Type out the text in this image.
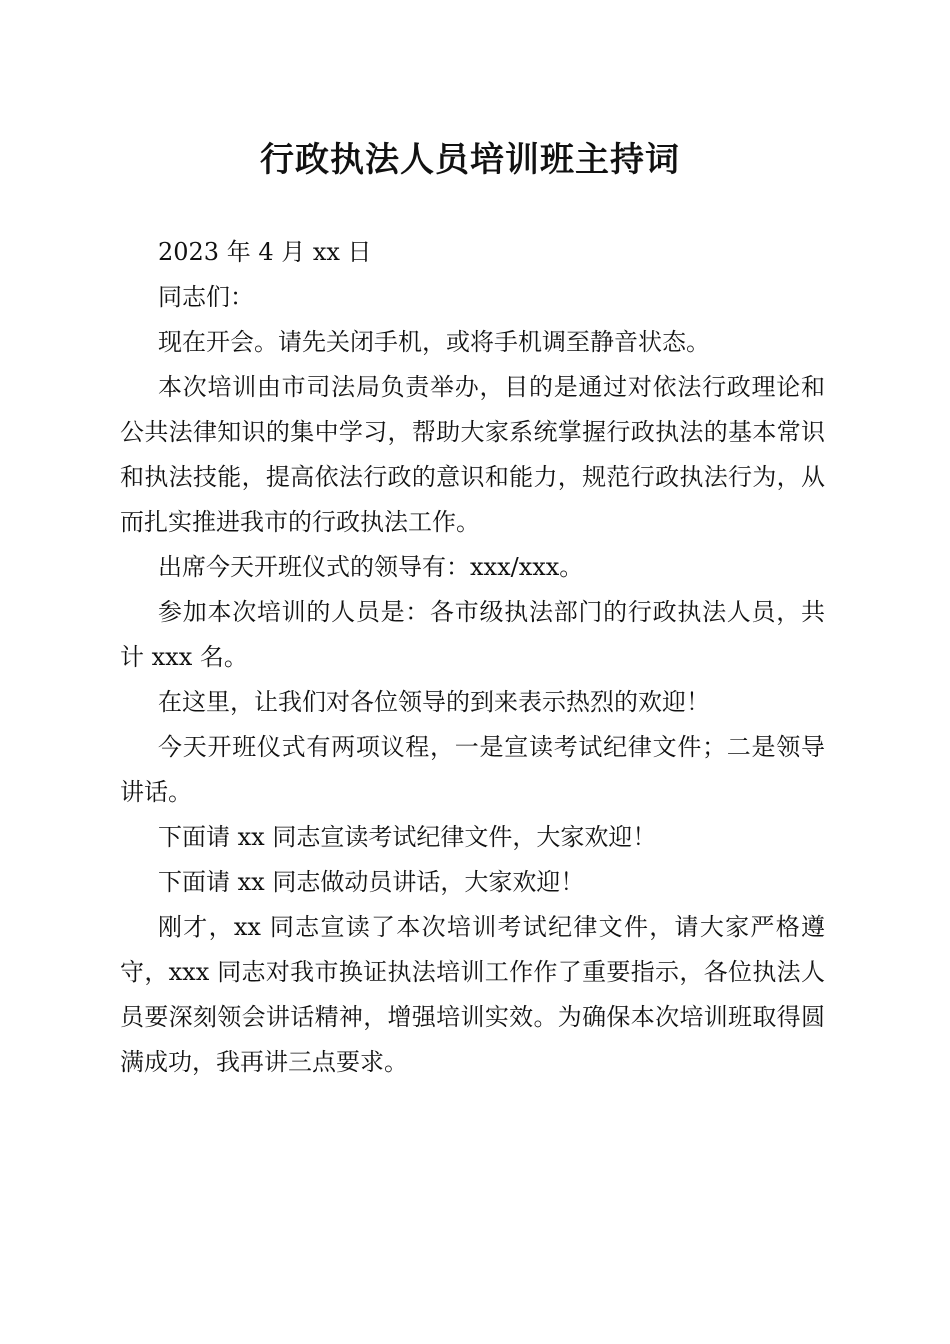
行政执法人员培训班主持词

2023 年 4 月 xx 日

同志们：

现在开会。请先关闭手机，或将手机调至静音状态。

本次培训由市司法局负责举办，目的是通过对依法行政理论和公共法律知识的集中学习，帮助大家系统掌握行政执法的基本常识和执法技能，提高依法行政的意识和能力，规范行政执法行为，从而扎实推进我市的行政执法工作。

出席今天开班仪式的领导有：xxx/xxx。

参加本次培训的人员是：各市级执法部门的行政执法人员，共计 xxx 名。

在这里，让我们对各位领导的到来表示热烈的欢迎！

今天开班仪式有两项议程，一是宣读考试纪律文件；二是领导讲话。

下面请 xx 同志宣读考试纪律文件，大家欢迎！

下面请 xx 同志做动员讲话，大家欢迎！

刚才，xx 同志宣读了本次培训考试纪律文件，请大家严格遵守，xxx 同志对我市换证执法培训工作作了重要指示，各位执法人员要深刻领会讲话精神，增强培训实效。为确保本次培训班取得圆满成功，我再讲三点要求。
